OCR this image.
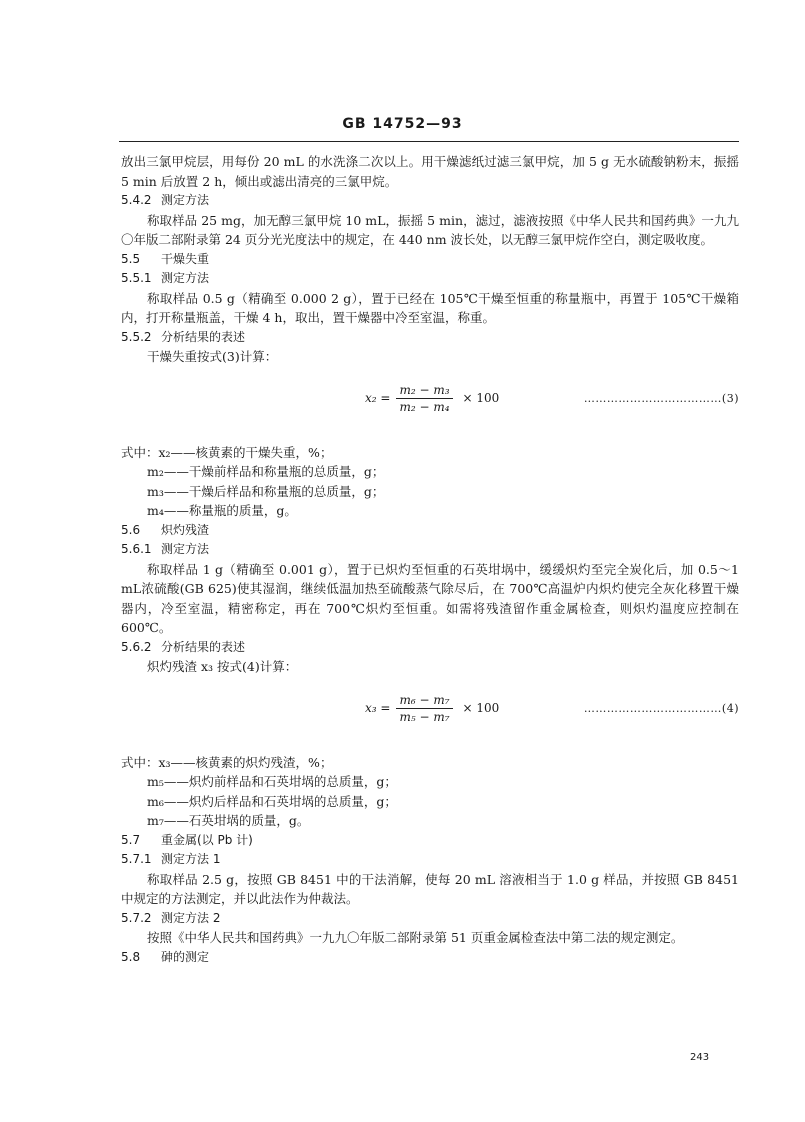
GB 14752—93

放出三氯甲烷层，用每份 20 mL 的水洗涤二次以上。用干燥滤纸过滤三氯甲烷，加 5 g 无水硫酸钠粉末，振摇 5 min 后放置 2 h，倾出或滤出清亮的三氯甲烷。

5.4.2 测定方法

称取样品 25 mg，加无醇三氯甲烷 10 mL，振摇 5 min，滤过，滤液按照《中华人民共和国药典》一九九〇年版二部附录第 24 页分光光度法中的规定，在 440 nm 波长处，以无醇三氯甲烷作空白，测定吸收度。

5.5 干燥失重

5.5.1 测定方法

称取样品 0.5 g（精确至 0.000 2 g），置于已经在 105℃干燥至恒重的称量瓶中，再置于 105℃干燥箱内，打开称量瓶盖，干燥 4 h，取出，置干燥器中冷至室温，称重。

5.5.2 分析结果的表述

干燥失重按式(3)计算：

$x_2 = \frac{\text{m₂ − m₃}}{\text{m₂ − m₄}} \times 100$	………………………………(3)

式中：x₂——核黄素的干燥失重，%；

m₂——干燥前样品和称量瓶的总质量，g；

m₃——干燥后样品和称量瓶的总质量，g；

m₄——称量瓶的质量，g。

5.6 炽灼残渣

5.6.1 测定方法

称取样品 1 g（精确至 0.001 g），置于已炽灼至恒重的石英坩埚中，缓缓炽灼至完全炭化后，加 0.5～1 mL浓硫酸(GB 625)使其湿润，继续低温加热至硫酸蒸气除尽后，在 700℃高温炉内炽灼使完全灰化移置干燥器内，冷至室温，精密称定，再在 700℃炽灼至恒重。如需将残渣留作重金属检查，则炽灼温度应控制在 600℃。

5.6.2 分析结果的表述

炽灼残渣 x₃ 按式(4)计算：

$x_3 = \frac{\text{m₆ − m₇}}{\text{m₅ − m₇}} \times 100$	………………………………(4)

式中：x₃——核黄素的炽灼残渣，%；

m₅——炽灼前样品和石英坩埚的总质量，g；

m₆——炽灼后样品和石英坩埚的总质量，g；

m₇——石英坩埚的质量，g。

5.7 重金属(以 Pb 计)

5.7.1 测定方法 1

称取样品 2.5 g，按照 GB 8451 中的干法消解，使每 20 mL 溶液相当于 1.0 g 样品，并按照 GB 8451 中规定的方法测定，并以此法作为仲裁法。

5.7.2 测定方法 2

按照《中华人民共和国药典》一九九〇年版二部附录第 51 页重金属检查法中第二法的规定测定。

5.8 砷的测定

243
